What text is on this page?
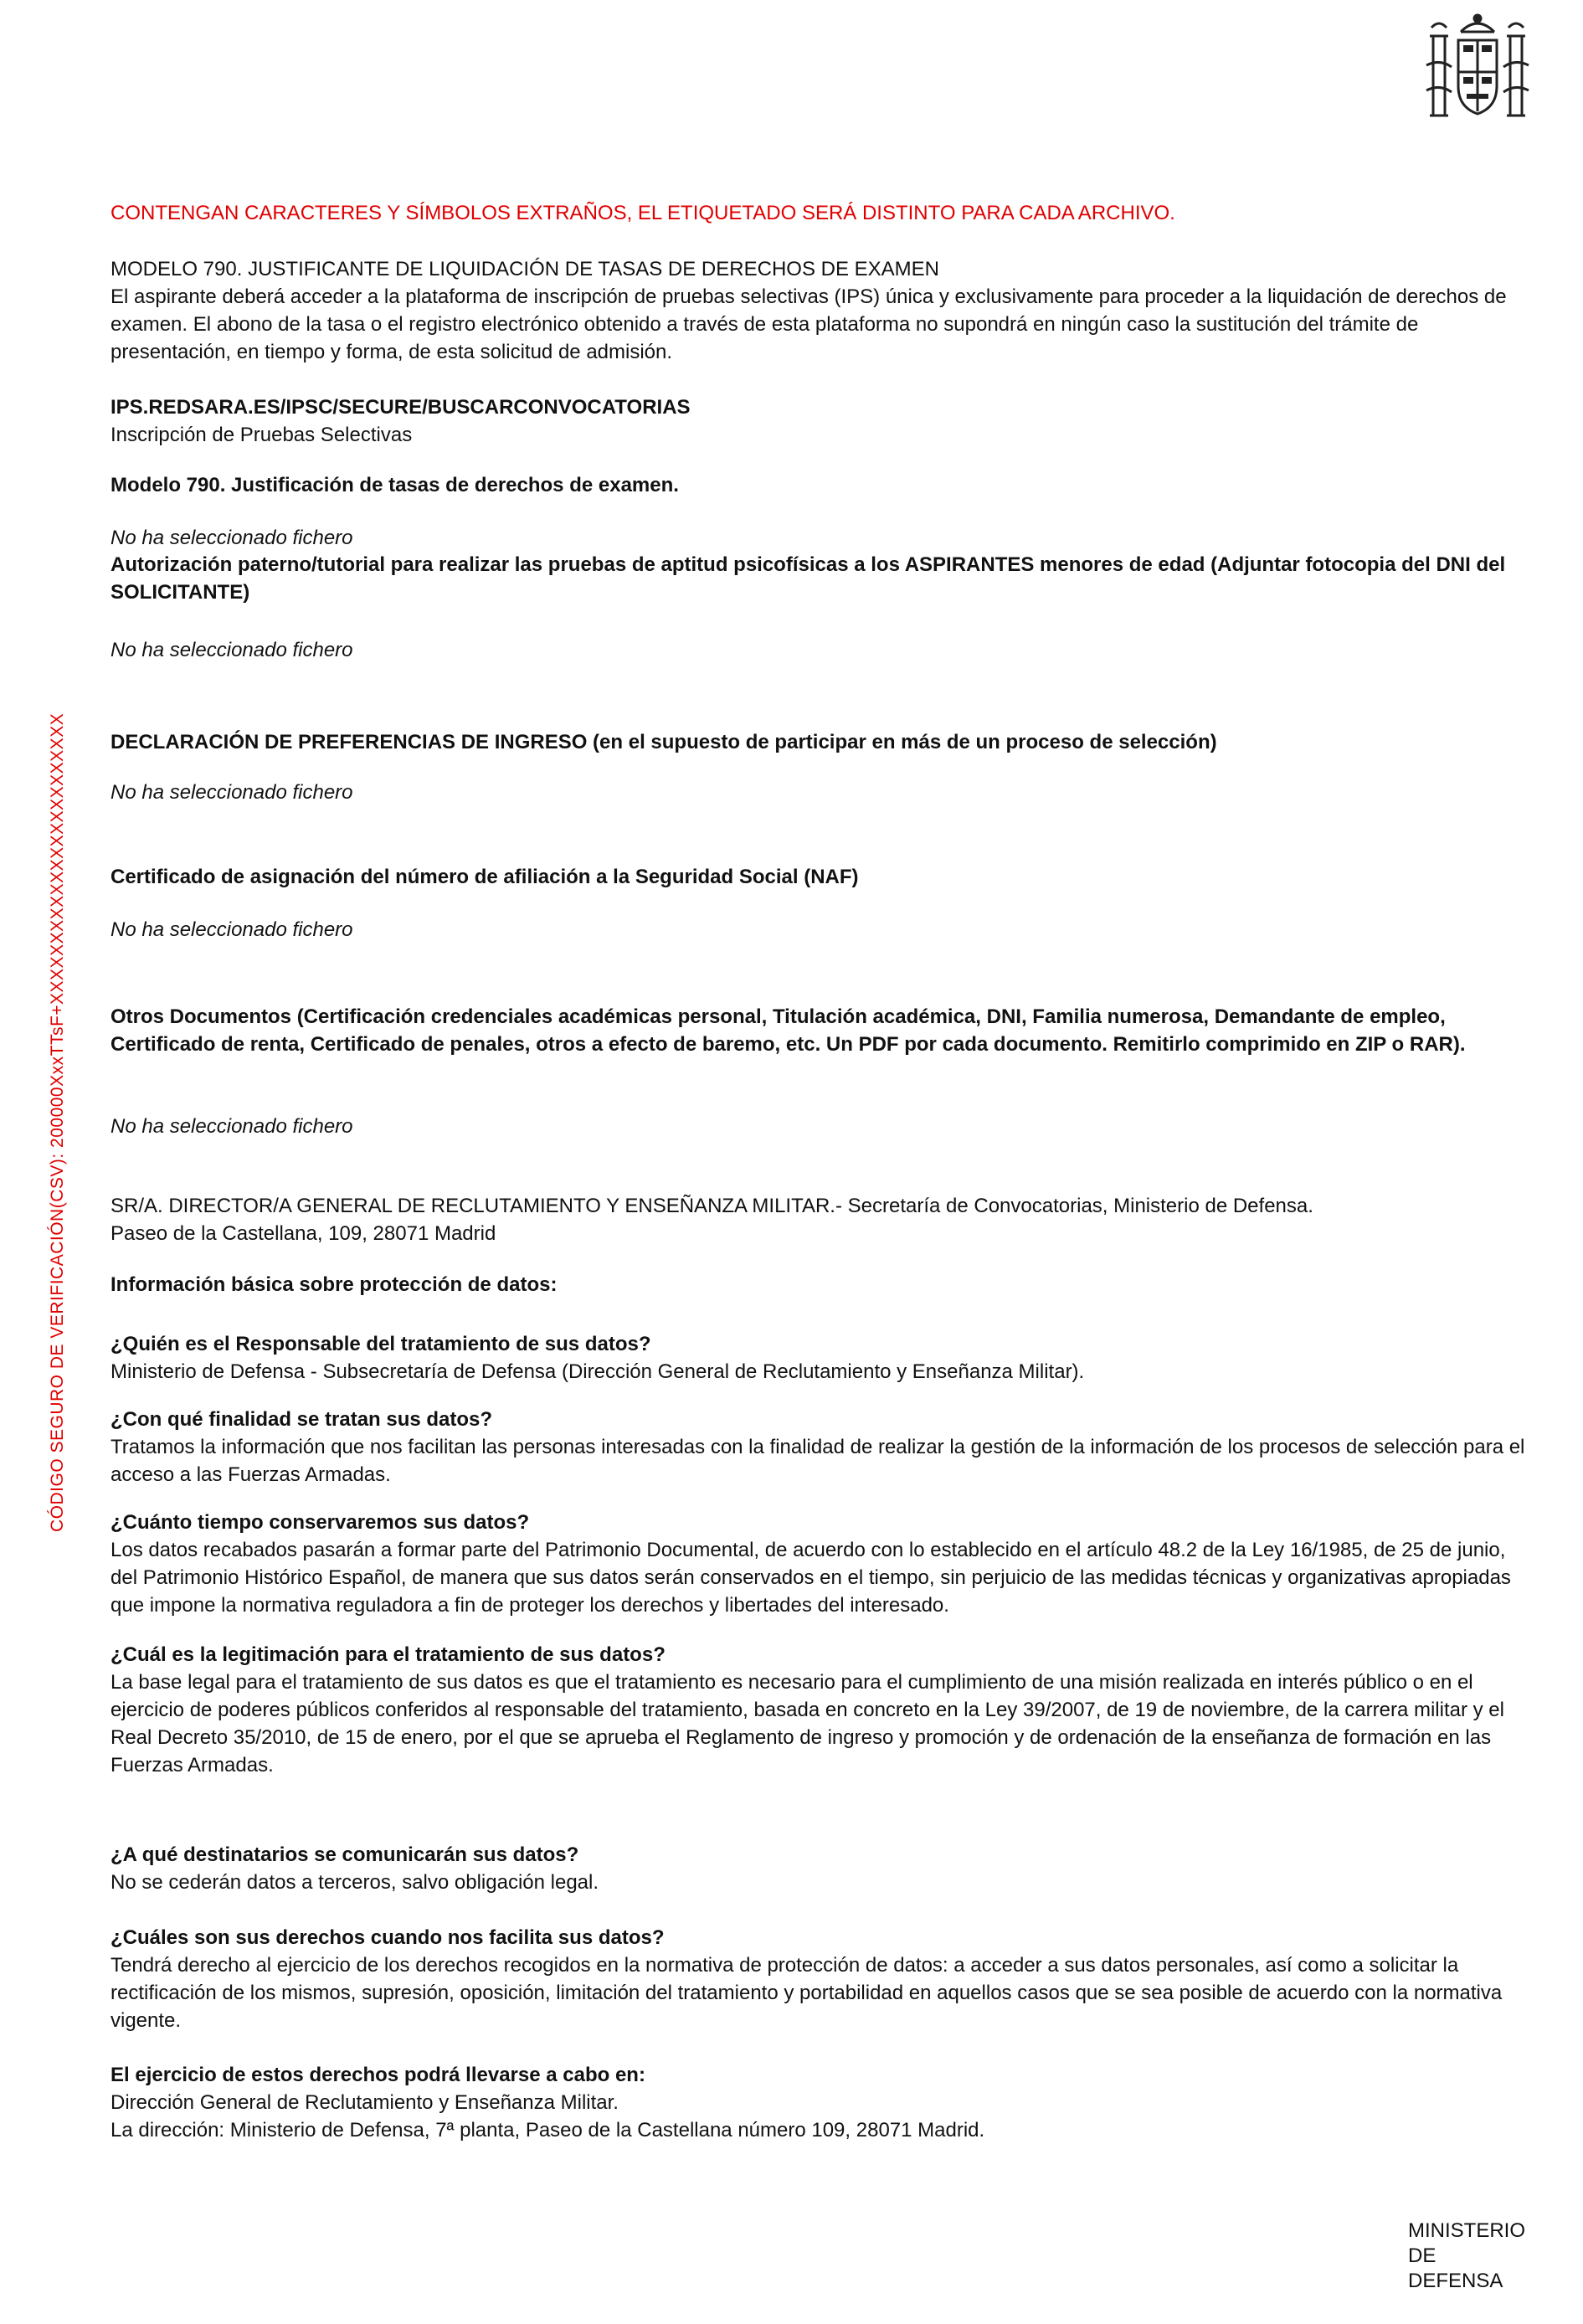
CÓDIGO SEGURO DE VERIFICACIÓN(CSV): 200000XxxTTsF+XXXXXXXXXXXXXXXXXXXXXXXX

CONTENGAN CARACTERES Y SÍMBOLOS EXTRAÑOS, EL ETIQUETADO SERÁ DISTINTO PARA CADA ARCHIVO.

MODELO 790. JUSTIFICANTE DE LIQUIDACIÓN DE TASAS DE DERECHOS DE EXAMEN

El aspirante deberá acceder a la plataforma de inscripción de pruebas selectivas (IPS) única y exclusivamente para proceder a la liquidación de derechos de examen. El abono de la tasa o el registro electrónico obtenido a través de esta plataforma no supondrá en ningún caso la sustitución del trámite de presentación, en tiempo y forma, de esta solicitud de admisión.

IPS.REDSARA.ES/IPSC/SECURE/BUSCARCONVOCATORIAS

Inscripción de Pruebas Selectivas

Modelo 790. Justificación de tasas de derechos de examen.

No ha seleccionado fichero

Autorización paterno/tutorial para realizar las pruebas de aptitud psicofísicas a los ASPIRANTES menores de edad (Adjuntar fotocopia del DNI del SOLICITANTE)

No ha seleccionado fichero

DECLARACIÓN DE PREFERENCIAS DE INGRESO (en el supuesto de participar en más de un proceso de selección)

No ha seleccionado fichero

Certificado de asignación del número de afiliación a la Seguridad Social (NAF)

No ha seleccionado fichero

Otros Documentos (Certificación credenciales académicas personal, Titulación académica, DNI, Familia numerosa, Demandante de empleo, Certificado de renta, Certificado de penales, otros a efecto de baremo, etc. Un PDF por cada documento. Remitirlo comprimido en ZIP o RAR).

No ha seleccionado fichero

SR/A. DIRECTOR/A GENERAL DE RECLUTAMIENTO Y ENSEÑANZA MILITAR.- Secretaría de Convocatorias, Ministerio de Defensa.

Paseo de la Castellana, 109, 28071 Madrid

Información básica sobre protección de datos:

¿Quién es el Responsable del tratamiento de sus datos?

Ministerio de Defensa - Subsecretaría de Defensa (Dirección General de Reclutamiento y Enseñanza Militar).

¿Con qué finalidad se tratan sus datos?

Tratamos la información que nos facilitan las personas interesadas con la finalidad de realizar la gestión de la información de los procesos de selección para el acceso a las Fuerzas Armadas.

¿Cuánto tiempo conservaremos sus datos?

Los datos recabados pasarán a formar parte del Patrimonio Documental, de acuerdo con lo establecido en el artículo 48.2 de la Ley 16/1985, de 25 de junio, del Patrimonio Histórico Español, de manera que sus datos serán conservados en el tiempo, sin perjuicio de las medidas técnicas y organizativas apropiadas que impone la normativa reguladora a fin de proteger los derechos y libertades del interesado.

¿Cuál es la legitimación para el tratamiento de sus datos?

La base legal para el tratamiento de sus datos es que el tratamiento es necesario para el cumplimiento de una misión realizada en interés público o en el ejercicio de poderes públicos conferidos al responsable del tratamiento, basada en concreto en la Ley 39/2007, de 19 de noviembre, de la carrera militar y el Real Decreto 35/2010, de 15 de enero, por el que se aprueba el Reglamento de ingreso y promoción y de ordenación de la enseñanza de formación en las Fuerzas Armadas.

¿A qué destinatarios se comunicarán sus datos?

No se cederán datos a terceros, salvo obligación legal.

¿Cuáles son sus derechos cuando nos facilita sus datos?

Tendrá derecho al ejercicio de los derechos recogidos en la normativa de protección de datos: a acceder a sus datos personales, así como a solicitar la rectificación de los mismos, supresión, oposición, limitación del tratamiento y portabilidad en aquellos casos que se sea posible de acuerdo con la normativa vigente.

El ejercicio de estos derechos podrá llevarse a cabo en:

Dirección General de Reclutamiento y Enseñanza Militar.

La dirección: Ministerio de Defensa, 7ª planta, Paseo de la Castellana número 109, 28071 Madrid.

MINISTERIO
DE
DEFENSA
